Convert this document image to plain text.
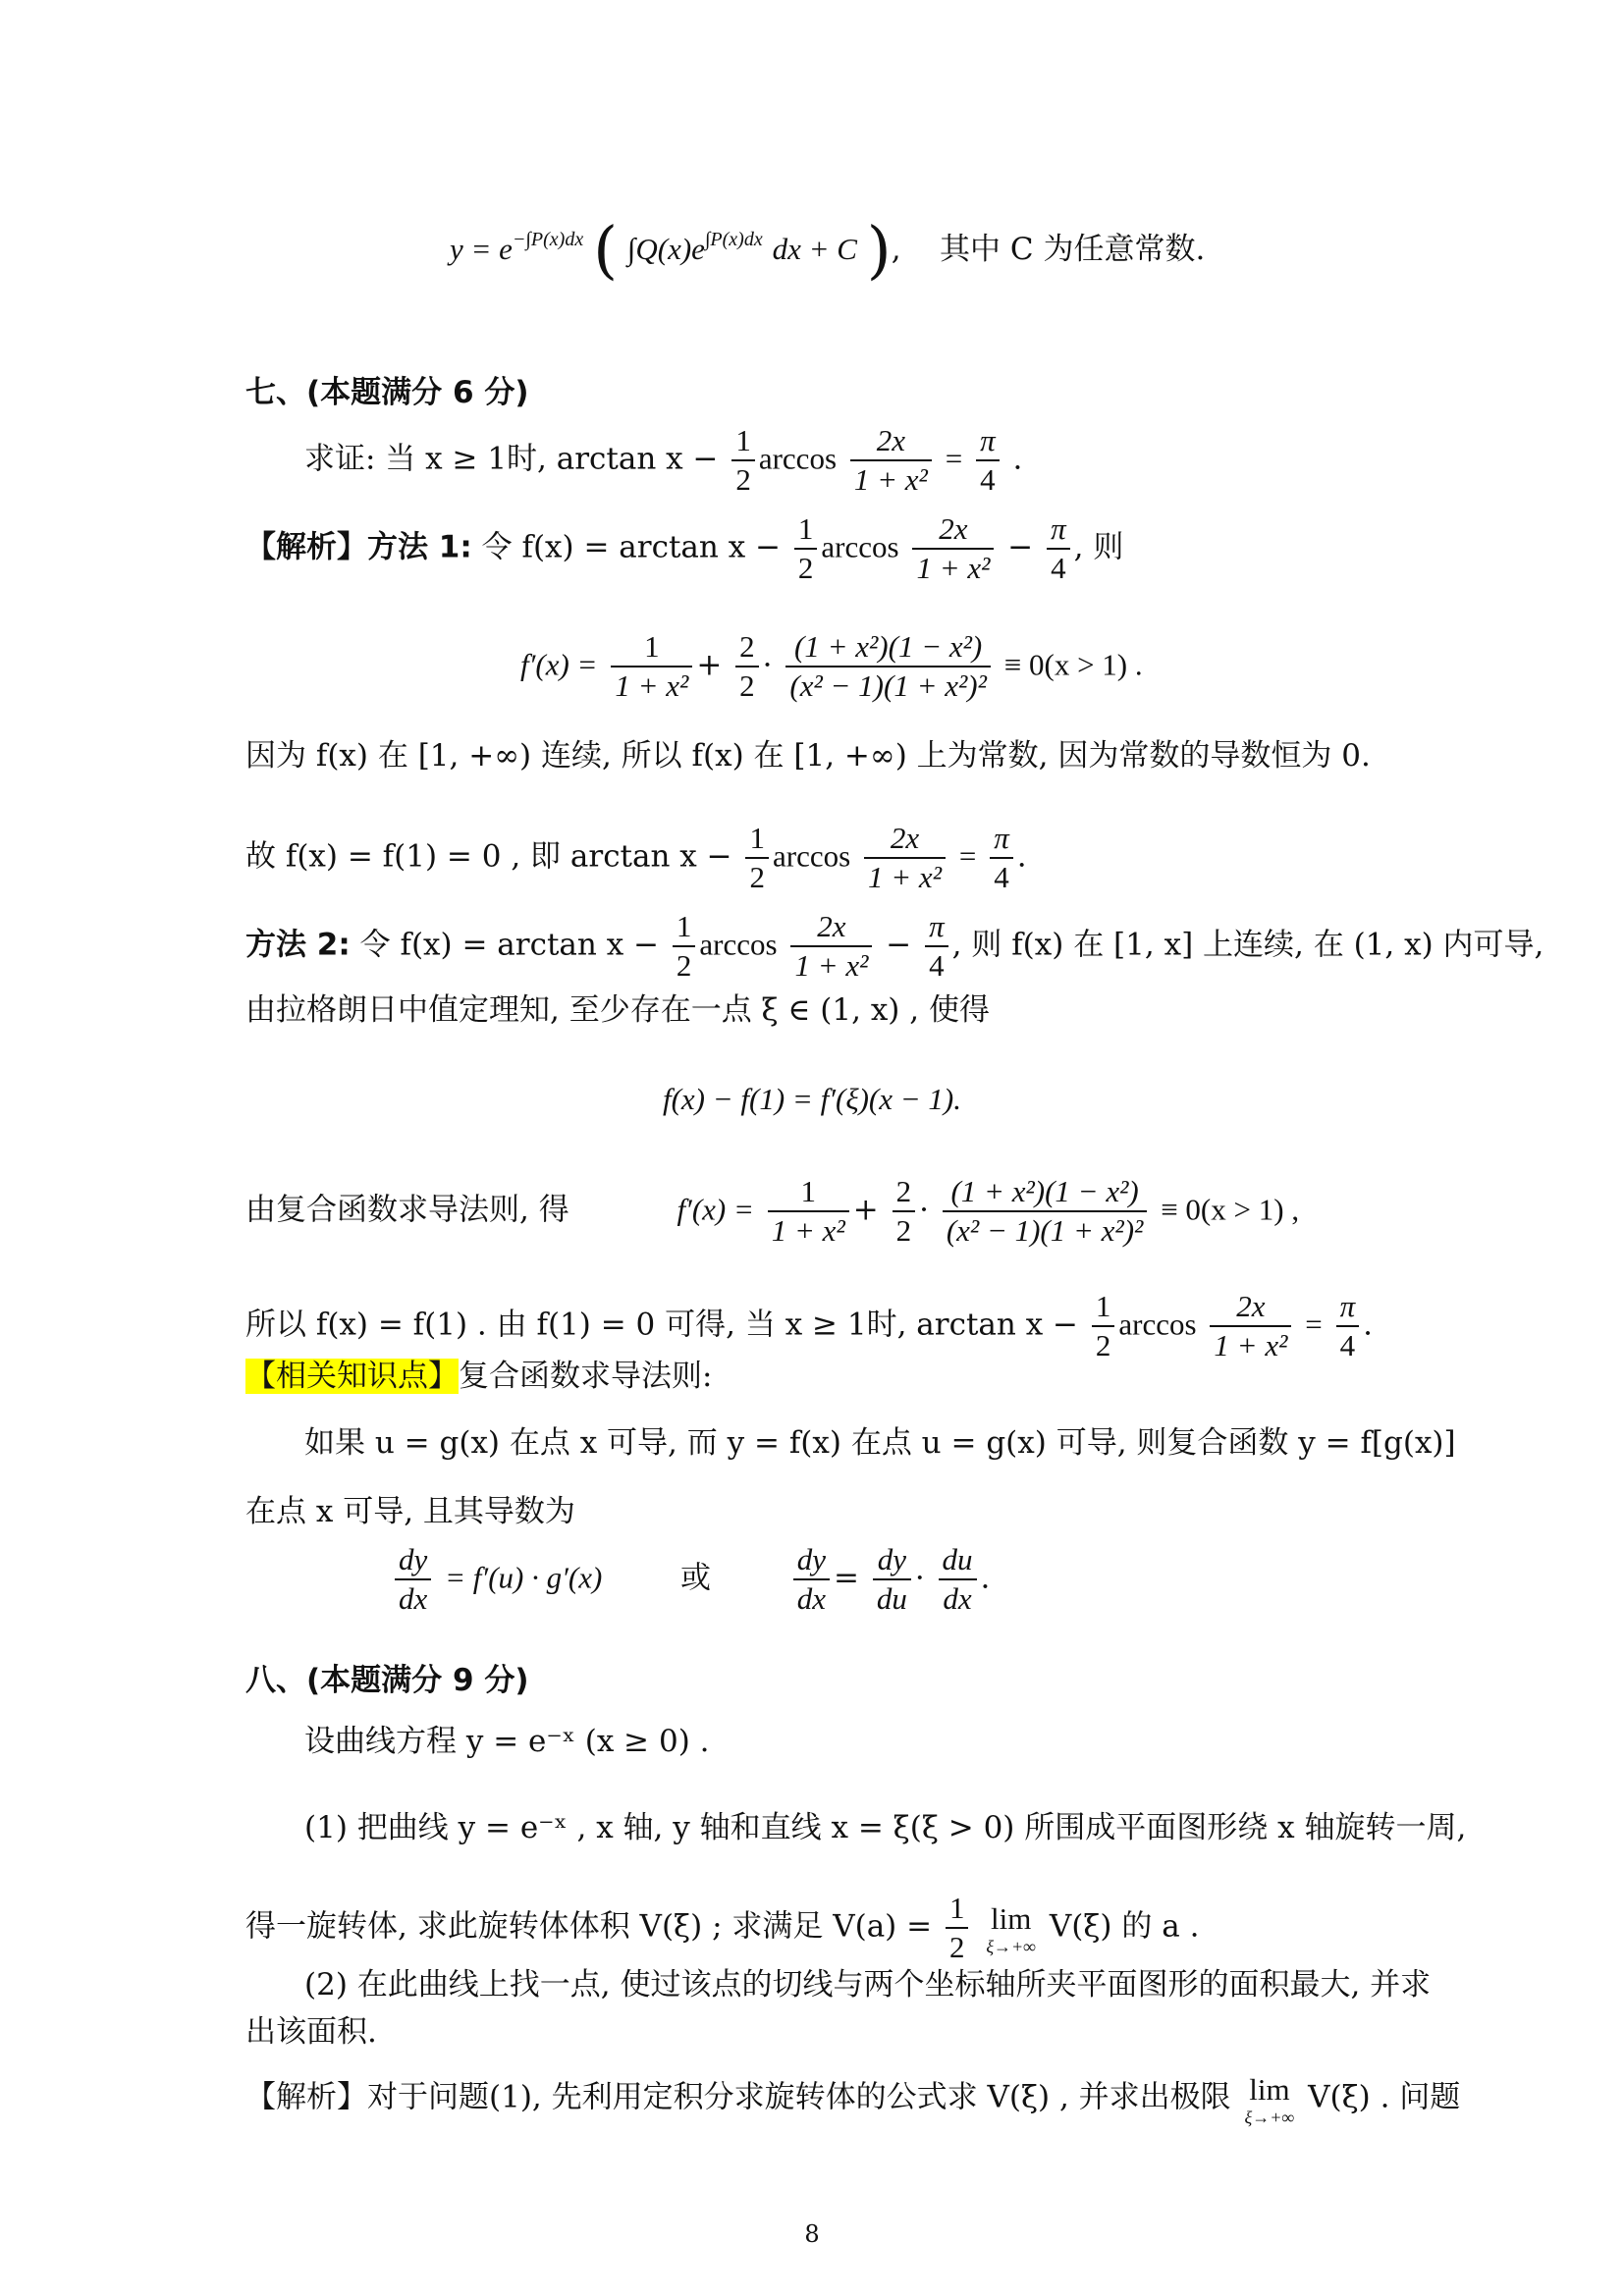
$y = e^{-\int P(x)dx}$ ( $\int Q(x)e^{\int P(x)dx}$ dx + C ),    其中 C 为任意常数.
七、(本题满分 6 分)
求证: 当 x ≥ 1时, $\arctan x - \frac{1}{2}$ $\arccos \frac{2x}{\text{1 + x²}} = \frac{\pi}{4}$ .
【解析】方法 1: 令 $f(x) = \arctan x - \frac{1}{2}$ $\arccos \frac{2x}{\text{1 + x²}} - \frac{\pi}{4}$ , 则
$f'(x) = \frac{1}{\text{1 + x²}} + \frac{2}{2} \cdot \frac{\text{(1 + x²)(1 − x²)}}{\text{(x² − 1)(1 + x²)²}} \equiv 0(x > 1)$ .
因为 f(x) 在 [1, +∞) 连续, 所以 f(x) 在 [1, +∞) 上为常数, 因为常数的导数恒为 0.
故 f(x) = f(1) = 0 , 即 $\arctan x - \frac{1}{2}$ $\arccos \frac{2x}{\text{1 + x²}} = \frac{\pi}{4}$ .
方法 2: 令 $f(x) = \arctan x - \frac{1}{2}$ $\arccos \frac{2x}{\text{1 + x²}} - \frac{\pi}{4}$ , 则 f(x) 在 [1, x] 上连续, 在 (1, x) 内可导,
由拉格朗日中值定理知, 至少存在一点 ξ ∈ (1, x) , 使得
f(x) − f(1) = f′(ξ)(x − 1).
由复合函数求导法则, 得	$f'(x) = \frac{1}{\text{1 + x²}} + \frac{2}{2} \cdot \frac{\text{(1 + x²)(1 − x²)}}{\text{(x² − 1)(1 + x²)²}} \equiv 0(x > 1)$ ,
所以 f(x) = f(1) . 由 f(1) = 0 可得, 当 x ≥ 1时, $\arctan x - \frac{1}{2}$ $\arccos \frac{2x}{\text{1 + x²}} = \frac{\pi}{4}$ .
【相关知识点】复合函数求导法则:
如果 u = g(x) 在点 x 可导, 而 y = f(x) 在点 u = g(x) 可导, 则复合函数 y = f[g(x)]
在点 x 可导, 且其导数为
$\frac{dy}{dx} = f'(u) \cdot g'(x)$	或	$\frac{dy}{dx} = \frac{dy}{du} \cdot \frac{du}{dx}$ .
八、(本题满分 9 分)
设曲线方程 y = e⁻ˣ (x ≥ 0) .
(1) 把曲线 y = e⁻ˣ , x 轴, y 轴和直线 x = ξ(ξ > 0) 所围成平面图形绕 x 轴旋转一周,
得一旋转体, 求此旋转体体积 V(ξ) ; 求满足 $V(a) = \frac{1}{2}$
lim
ξ→+∞
V(ξ) 的 a .
(2) 在此曲线上找一点, 使过该点的切线与两个坐标轴所夹平面图形的面积最大, 并求
出该面积.
【解析】对于问题(1), 先利用定积分求旋转体的公式求 V(ξ) , 并求出极限 lim
ξ→+∞
V(ξ) . 问题
8
